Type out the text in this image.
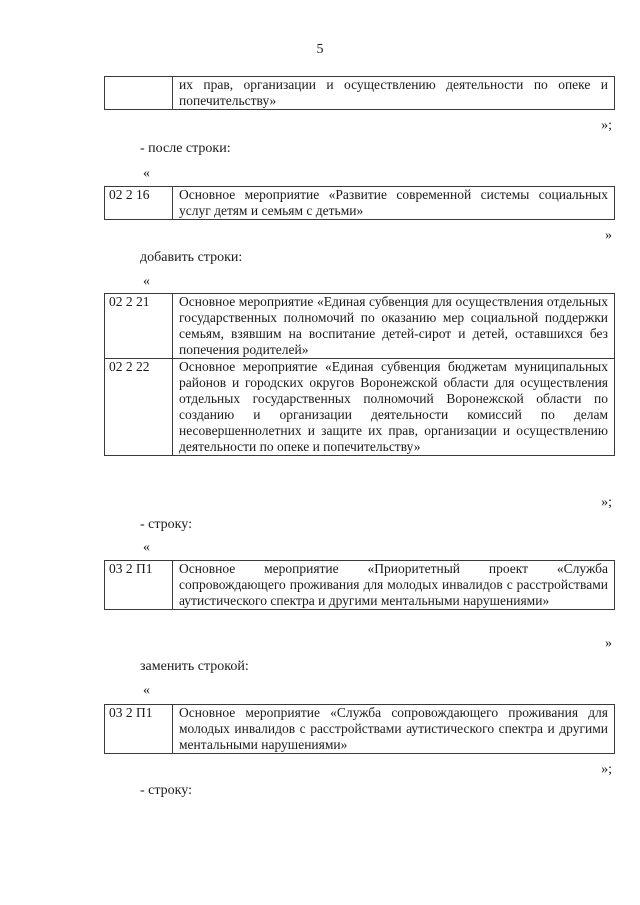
5
их прав, организации и осуществлению деятельности по опеке и попечительству»
»;
- после строки:
«
02 2 16	Основное мероприятие «Развитие современной системы социальных услуг детям и семьям с детьми»
»
добавить строки:
«
02 2 21	Основное мероприятие «Единая субвенция для осуществления отдельных государственных полномочий по оказанию мер социальной поддержки семьям, взявшим на воспитание детей-сирот и детей, оставшихся без попечения родителей»
02 2 22	Основное мероприятие «Единая субвенция бюджетам муниципальных районов и городских округов Воронежской области для осуществления отдельных государственных полномочий Воронежской области по созданию и организации деятельности комиссий по делам несовершеннолетних и защите их прав, организации и осуществлению деятельности по опеке и попечительству»
»;
- строку:
«
03 2 П1	Основное мероприятие «Приоритетный проект «Служба сопровождающего проживания для молодых инвалидов с расстройствами аутистического спектра и другими ментальными нарушениями»
»
заменить строкой:
«
03 2 П1	Основное мероприятие «Служба сопровождающего проживания для молодых инвалидов с расстройствами аутистического спектра и другими ментальными нарушениями»
»;
- строку:
